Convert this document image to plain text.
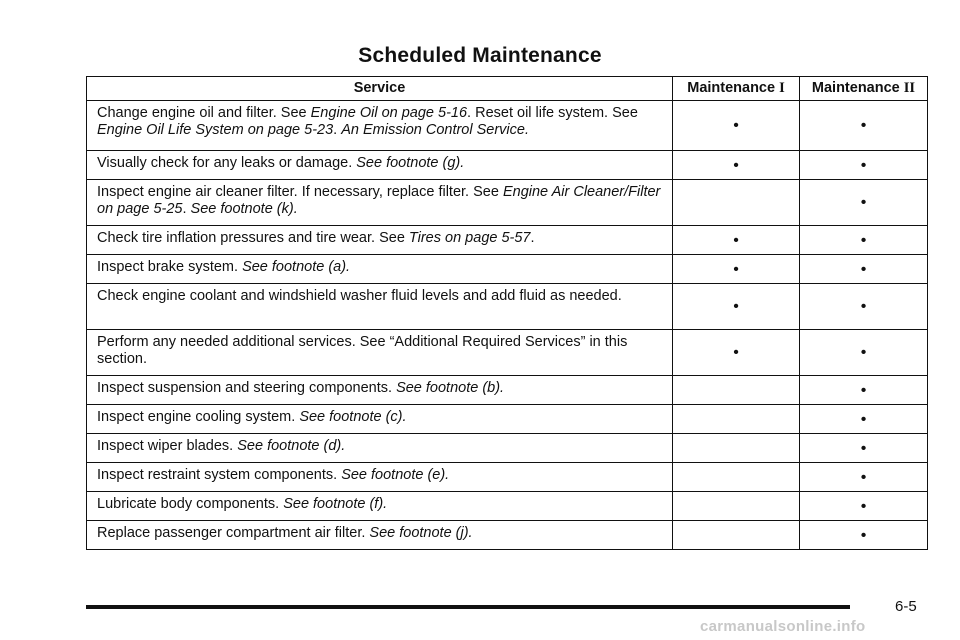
Scheduled Maintenance
Service	Maintenance I	Maintenance II
Change engine oil and filter. See Engine Oil on page 5-16. Reset oil life system. See Engine Oil Life System on page 5-23. An Emission Control Service.	•	•
Visually check for any leaks or damage. See footnote (g).	•	•
Inspect engine air cleaner filter. If necessary, replace filter. See Engine Air Cleaner/Filter on page 5-25. See footnote (k).		•
Check tire inflation pressures and tire wear. See Tires on page 5-57.	•	•
Inspect brake system. See footnote (a).	•	•
Check engine coolant and windshield washer fluid levels and add fluid as needed.	•	•
Perform any needed additional services. See “Additional Required Services” in this section.	•	•
Inspect suspension and steering components. See footnote (b).		•
Inspect engine cooling system. See footnote (c).		•
Inspect wiper blades. See footnote (d).		•
Inspect restraint system components. See footnote (e).		•
Lubricate body components. See footnote (f).		•
Replace passenger compartment air filter. See footnote (j).		•
6-5
carmanualsonline.info
